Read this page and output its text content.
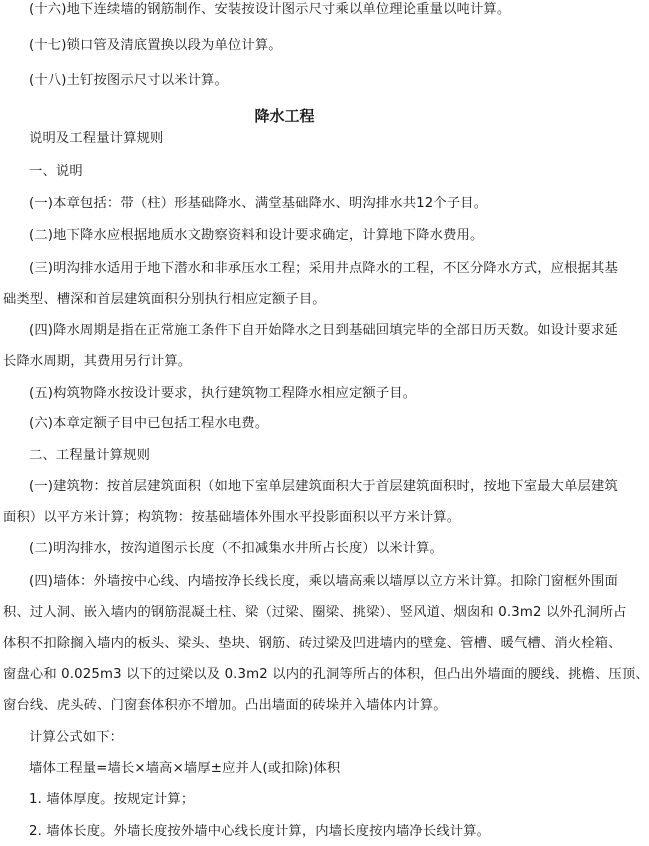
(十六)地下连续墙的钢筋制作、安装按设计图示尺寸乘以单位理论重量以吨计算。
(十七)锁口管及清底置换以段为单位计算。
(十八)土钉按图示尺寸以米计算。
降水工程
说明及工程量计算规则
一、说明
(一)本章包括：带（柱）形基础降水、满堂基础降水、明沟排水共12个子目。
(二)地下降水应根据地质水文勘察资料和设计要求确定，计算地下降水费用。
(三)明沟排水适用于地下潜水和非承压水工程；采用井点降水的工程，不区分降水方式，应根据其基
础类型、槽深和首层建筑面积分别执行相应定额子目。
(四)降水周期是指在正常施工条件下自开始降水之日到基础回填完毕的全部日历天数。如设计要求延
长降水周期，其费用另行计算。
(五)构筑物降水按设计要求，执行建筑物工程降水相应定额子目。
(六)本章定额子目中已包括工程水电费。
二、工程量计算规则
(一)建筑物：按首层建筑面积（如地下室单层建筑面积大于首层建筑面积时，按地下室最大单层建筑
面积）以平方米计算；构筑物：按基础墙体外围水平投影面积以平方米计算。
(二)明沟排水，按沟道图示长度（不扣减集水井所占长度）以米计算。
(四)墙体：外墙按中心线、内墙按净长线长度，乘以墙高乘以墙厚以立方米计算。扣除门窗框外围面
积、过人洞、嵌入墙内的钢筋混凝土柱、梁（过梁、圈梁、挑梁）、竖风道、烟囱和 0.3m2 以外孔洞所占
体积不扣除搁入墙内的板头、梁头、垫块、钢筋、砖过梁及凹进墙内的壁龛、管槽、暖气槽、消火栓箱、
窗盘心和 0.025m3 以下的过梁以及 0.3m2 以内的孔洞等所占的体积，但凸出外墙面的腰线、挑檐、压顶、
窗台线、虎头砖、门窗套体积亦不增加。凸出墙面的砖垛并入墙体内计算。
计算公式如下：
墙体工程量=墙长×墙高×墙厚±应并人(或扣除)体积
1. 墙体厚度。按规定计算；
2. 墙体长度。外墙长度按外墙中心线长度计算，内墙长度按内墙净长线计算。
